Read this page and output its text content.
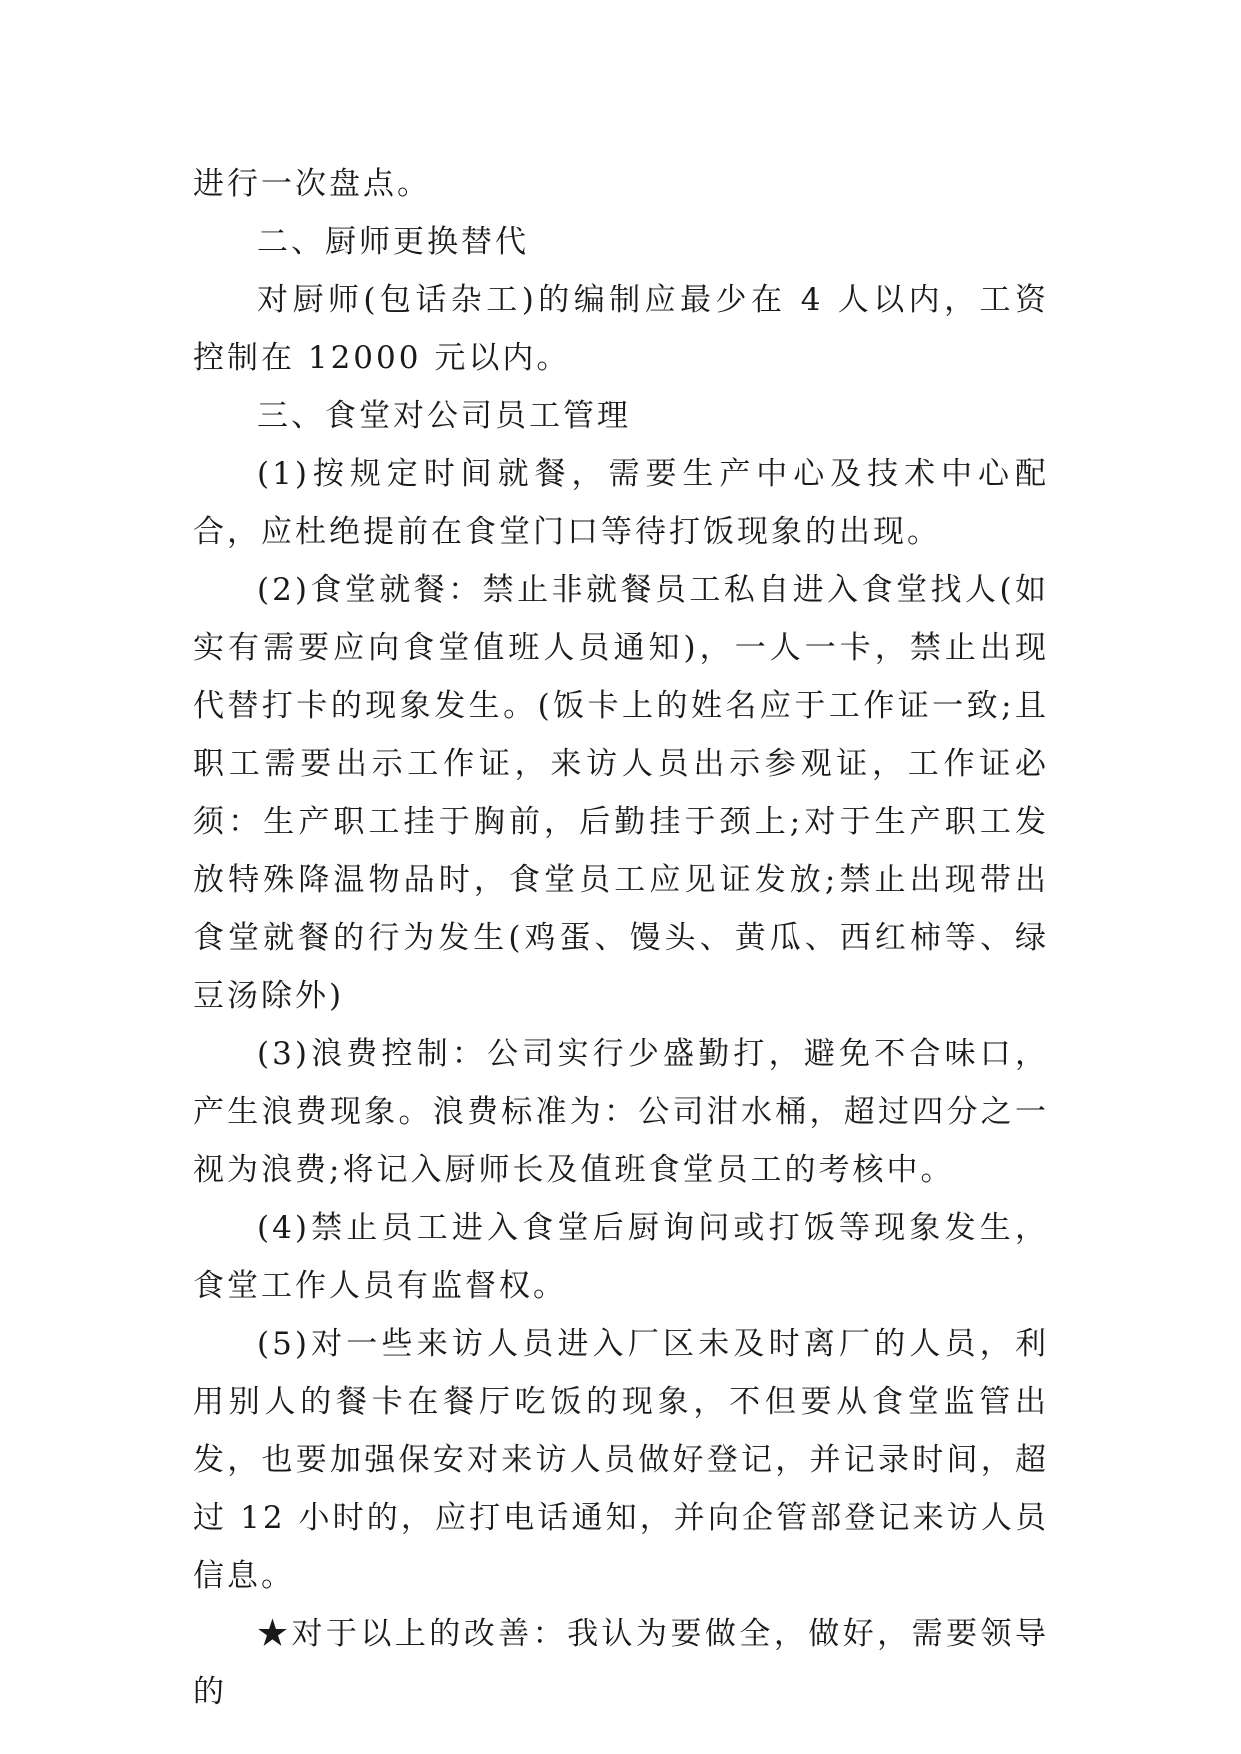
进行一次盘点。

二、厨师更换替代

对厨师(包话杂工)的编制应最少在 4 人以内，工资控制在 12000 元以内。

三、食堂对公司员工管理

(1)按规定时间就餐，需要生产中心及技术中心配合，应杜绝提前在食堂门口等待打饭现象的出现。

(2)食堂就餐：禁止非就餐员工私自进入食堂找人(如实有需要应向食堂值班人员通知)，一人一卡，禁止出现代替打卡的现象发生。(饭卡上的姓名应于工作证一致;且职工需要出示工作证，来访人员出示参观证，工作证必须：生产职工挂于胸前，后勤挂于颈上;对于生产职工发放特殊降温物品时，食堂员工应见证发放;禁止出现带出食堂就餐的行为发生(鸡蛋、馒头、黄瓜、西红柿等、绿豆汤除外)

(3)浪费控制：公司实行少盛勤打，避免不合味口，产生浪费现象。浪费标准为：公司泔水桶，超过四分之一视为浪费;将记入厨师长及值班食堂员工的考核中。

(4)禁止员工进入食堂后厨询问或打饭等现象发生，食堂工作人员有监督权。

(5)对一些来访人员进入厂区未及时离厂的人员，利用别人的餐卡在餐厅吃饭的现象，不但要从食堂监管出发，也要加强保安对来访人员做好登记，并记录时间，超过 12 小时的，应打电话通知，并向企管部登记来访人员信息。

★对于以上的改善：我认为要做全，做好，需要领导的
